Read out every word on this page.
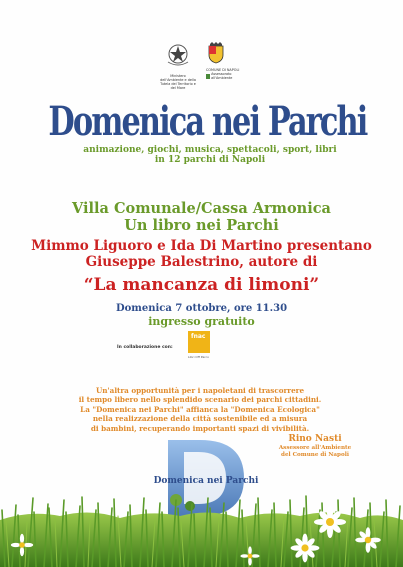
Ministero dell'Ambiente e della Tutela del Territorio e del Mare
COMUNE DI NAPOLI
Assessorato all'Ambiente
Domenica nei Parchi
animazione, giochi, musica, spettacoli, sport, libri
in 12 parchi di Napoli
Villa Comunale/Cassa Armonica
Un libro nei Parchi
Mimmo Liguoro e Ida Di Martino presentano
Giuseppe Balestrino, autore di
“La mancanza di limoni”
Domenica 7 ottobre, ore 11.30
ingresso gratuito
In collaborazione con:
fnac
Libri Off Parco
Un'altra opportunità per i napoletani di trascorrere
il tempo libero nello splendido scenario dei parchi cittadini.
La "Domenica nei Parchi" affianca la "Domenica Ecologica"
nella realizzazione della città sostenibile ed a misura
di bambini, recuperando importanti spazi di vivibilità.
Rino Nasti
Assessore all'Ambiente
del Comune di Napoli
Domenica nei Parchi
